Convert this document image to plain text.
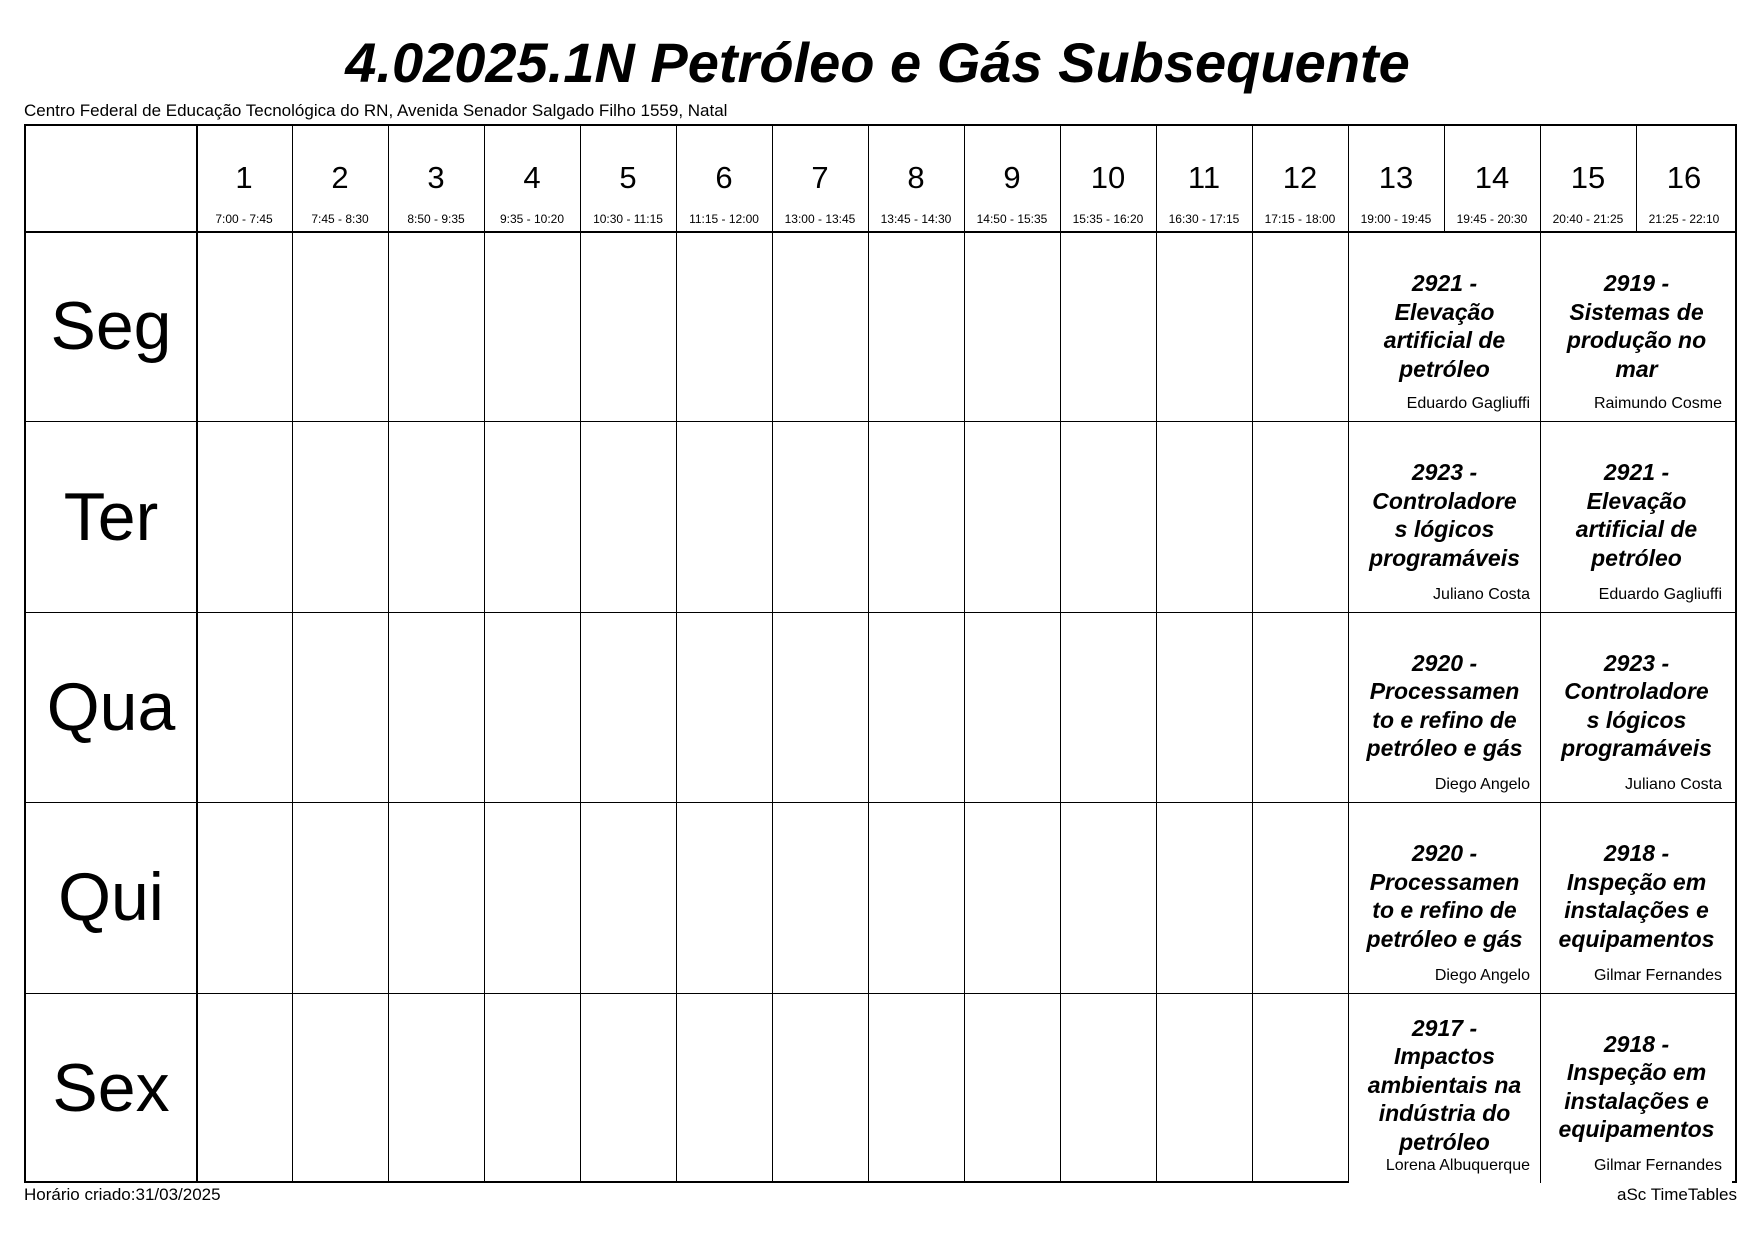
4.02025.1N Petróleo e Gás Subsequente
Centro Federal de Educação Tecnológica do RN, Avenida Senador Salgado Filho 1559, Natal
1
7:00 - 7:45
2
7:45 - 8:30
3
8:50 - 9:35
4
9:35 - 10:20
5
10:30 - 11:15
6
11:15 - 12:00
7
13:00 - 13:45
8
13:45 - 14:30
9
14:50 - 15:35
10
15:35 - 16:20
11
16:30 - 17:15
12
17:15 - 18:00
13
19:00 - 19:45
14
19:45 - 20:30
15
20:40 - 21:25
16
21:25 - 22:10
Seg
Ter
Qua
Qui
Sex
2921 -
Elevação
artificial de
petróleo
Eduardo Gagliuffi
2919 -
Sistemas de
produção no
mar
Raimundo Cosme
2923 -
Controladore
s lógicos
programáveis
Juliano Costa
2921 -
Elevação
artificial de
petróleo
Eduardo Gagliuffi
2920 -
Processamen
to e refino de
petróleo e gás
Diego Angelo
2923 -
Controladore
s lógicos
programáveis
Juliano Costa
2920 -
Processamen
to e refino de
petróleo e gás
Diego Angelo
2918 -
Inspeção em
instalações e
equipamentos
Gilmar Fernandes
2917 -
Impactos
ambientais na
indústria do
petróleo
Lorena Albuquerque
2918 -
Inspeção em
instalações e
equipamentos
Gilmar Fernandes
Horário criado:31/03/2025	aSc TimeTables
